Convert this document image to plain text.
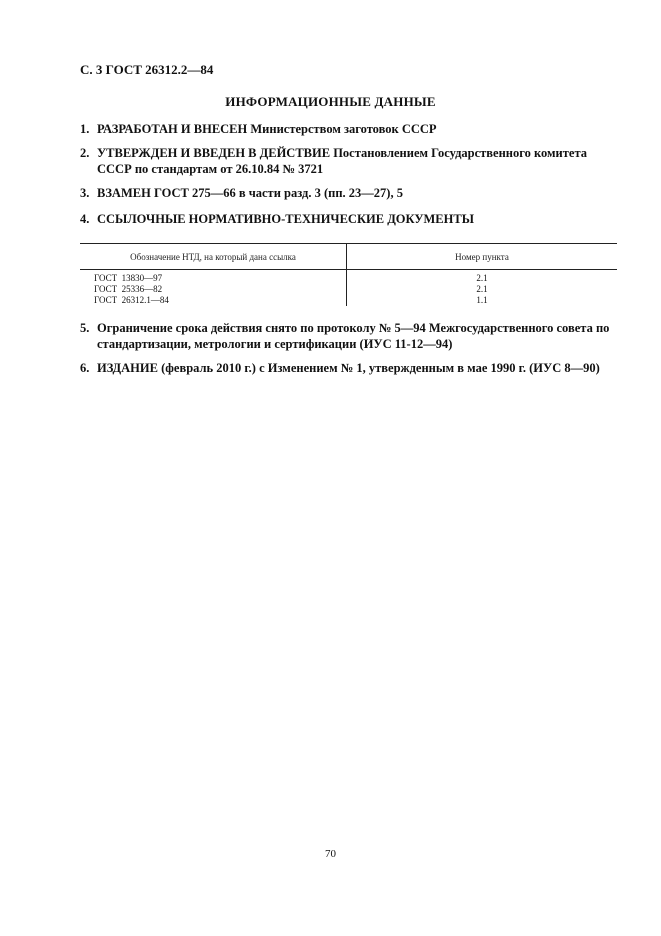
С. 3 ГОСТ 26312.2—84
ИНФОРМАЦИОННЫЕ ДАННЫЕ
1. РАЗРАБОТАН И ВНЕСЕН Министерством заготовок СССР
2. УТВЕРЖДЕН И ВВЕДЕН В ДЕЙСТВИЕ Постановлением Государственного комитета СССР по стандартам от 26.10.84 № 3721
3. ВЗАМЕН ГОСТ 275—66 в части разд. 3 (пп. 23—27), 5
4. ССЫЛОЧНЫЕ НОРМАТИВНО-ТЕХНИЧЕСКИЕ ДОКУМЕНТЫ
Обозначение НТД, на который дана ссылка	Номер пункта
ГОСТ  13830—97	2.1
ГОСТ  25336—82	2.1
ГОСТ  26312.1—84	1.1
5. Ограничение срока действия снято по протоколу № 5—94 Межгосударственного совета по стандартизации, метрологии и сертификации (ИУС 11-12—94)
6. ИЗДАНИЕ (февраль 2010 г.) с Изменением № 1, утвержденным в мае 1990 г. (ИУС 8—90)
70
